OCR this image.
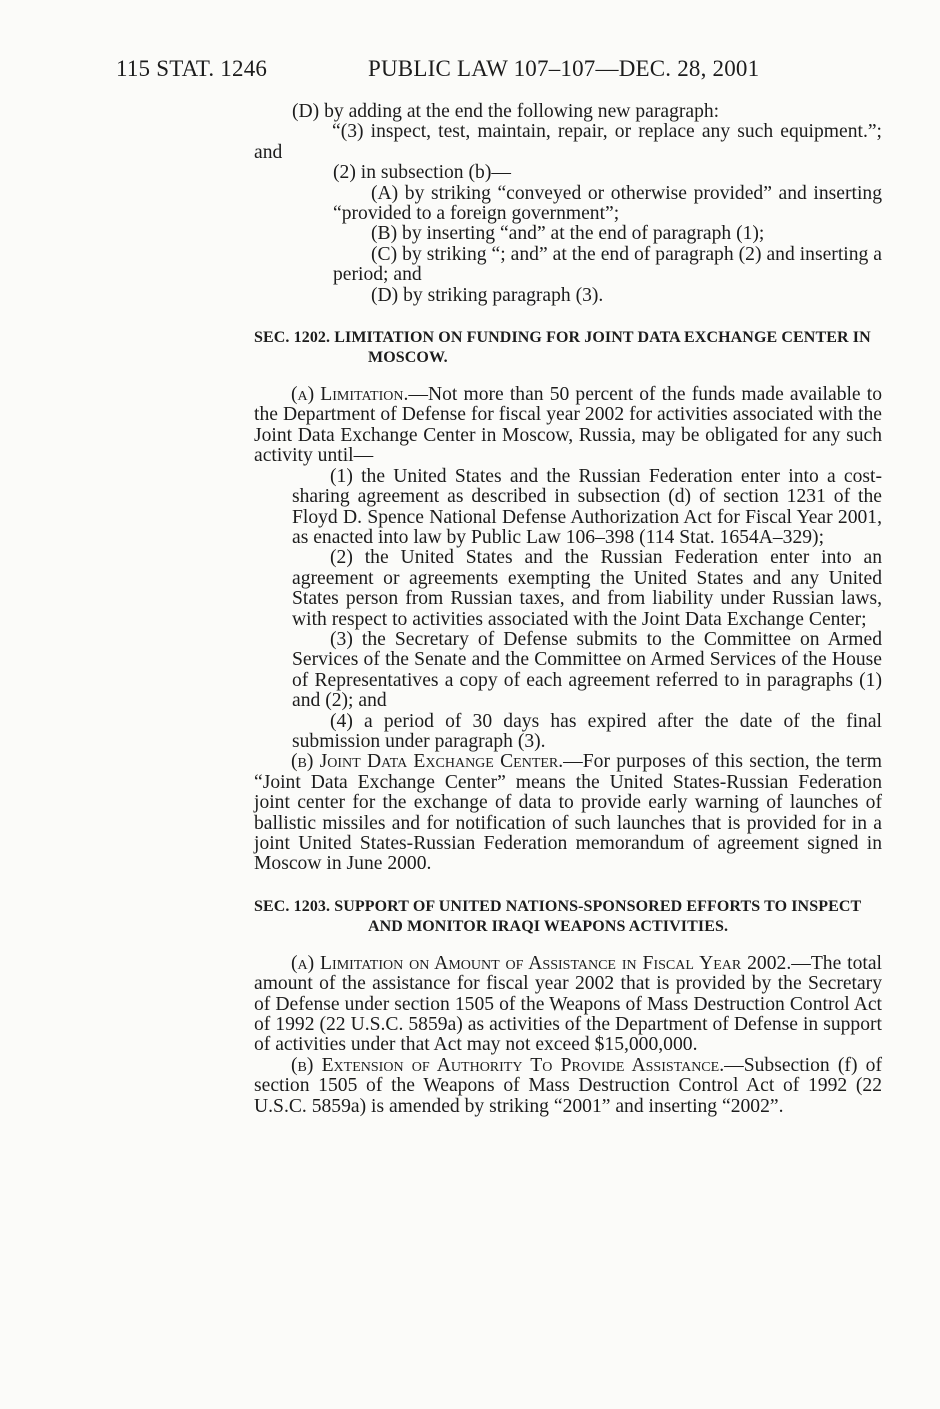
115 STAT. 1246	PUBLIC LAW 107–107—DEC. 28, 2001

(D) by adding at the end the following new paragraph:

“(3) inspect, test, maintain, repair, or replace any such equipment.”; and

(2) in subsection (b)—

(A) by striking “conveyed or otherwise provided” and inserting “provided to a foreign government”;

(B) by inserting “and” at the end of paragraph (1);

(C) by striking “; and” at the end of paragraph (2) and inserting a period; and

(D) by striking paragraph (3).

SEC. 1202. LIMITATION ON FUNDING FOR JOINT DATA EXCHANGE CENTER IN MOSCOW.

(a) Limitation.—Not more than 50 percent of the funds made available to the Department of Defense for fiscal year 2002 for activities associated with the Joint Data Exchange Center in Moscow, Russia, may be obligated for any such activity until—

(1) the United States and the Russian Federation enter into a cost-sharing agreement as described in subsection (d) of section 1231 of the Floyd D. Spence National Defense Authorization Act for Fiscal Year 2001, as enacted into law by Public Law 106–398 (114 Stat. 1654A–329);

(2) the United States and the Russian Federation enter into an agreement or agreements exempting the United States and any United States person from Russian taxes, and from liability under Russian laws, with respect to activities associated with the Joint Data Exchange Center;

(3) the Secretary of Defense submits to the Committee on Armed Services of the Senate and the Committee on Armed Services of the House of Representatives a copy of each agreement referred to in paragraphs (1) and (2); and

(4) a period of 30 days has expired after the date of the final submission under paragraph (3).

(b) Joint Data Exchange Center.—For purposes of this section, the term “Joint Data Exchange Center” means the United States-Russian Federation joint center for the exchange of data to provide early warning of launches of ballistic missiles and for notification of such launches that is provided for in a joint United States-Russian Federation memorandum of agreement signed in Moscow in June 2000.

SEC. 1203. SUPPORT OF UNITED NATIONS-SPONSORED EFFORTS TO INSPECT AND MONITOR IRAQI WEAPONS ACTIVITIES.

(a) Limitation on Amount of Assistance in Fiscal Year 2002.—The total amount of the assistance for fiscal year 2002 that is provided by the Secretary of Defense under section 1505 of the Weapons of Mass Destruction Control Act of 1992 (22 U.S.C. 5859a) as activities of the Department of Defense in support of activities under that Act may not exceed $15,000,000.

(b) Extension of Authority To Provide Assistance.—Subsection (f) of section 1505 of the Weapons of Mass Destruction Control Act of 1992 (22 U.S.C. 5859a) is amended by striking “2001” and inserting “2002”.
